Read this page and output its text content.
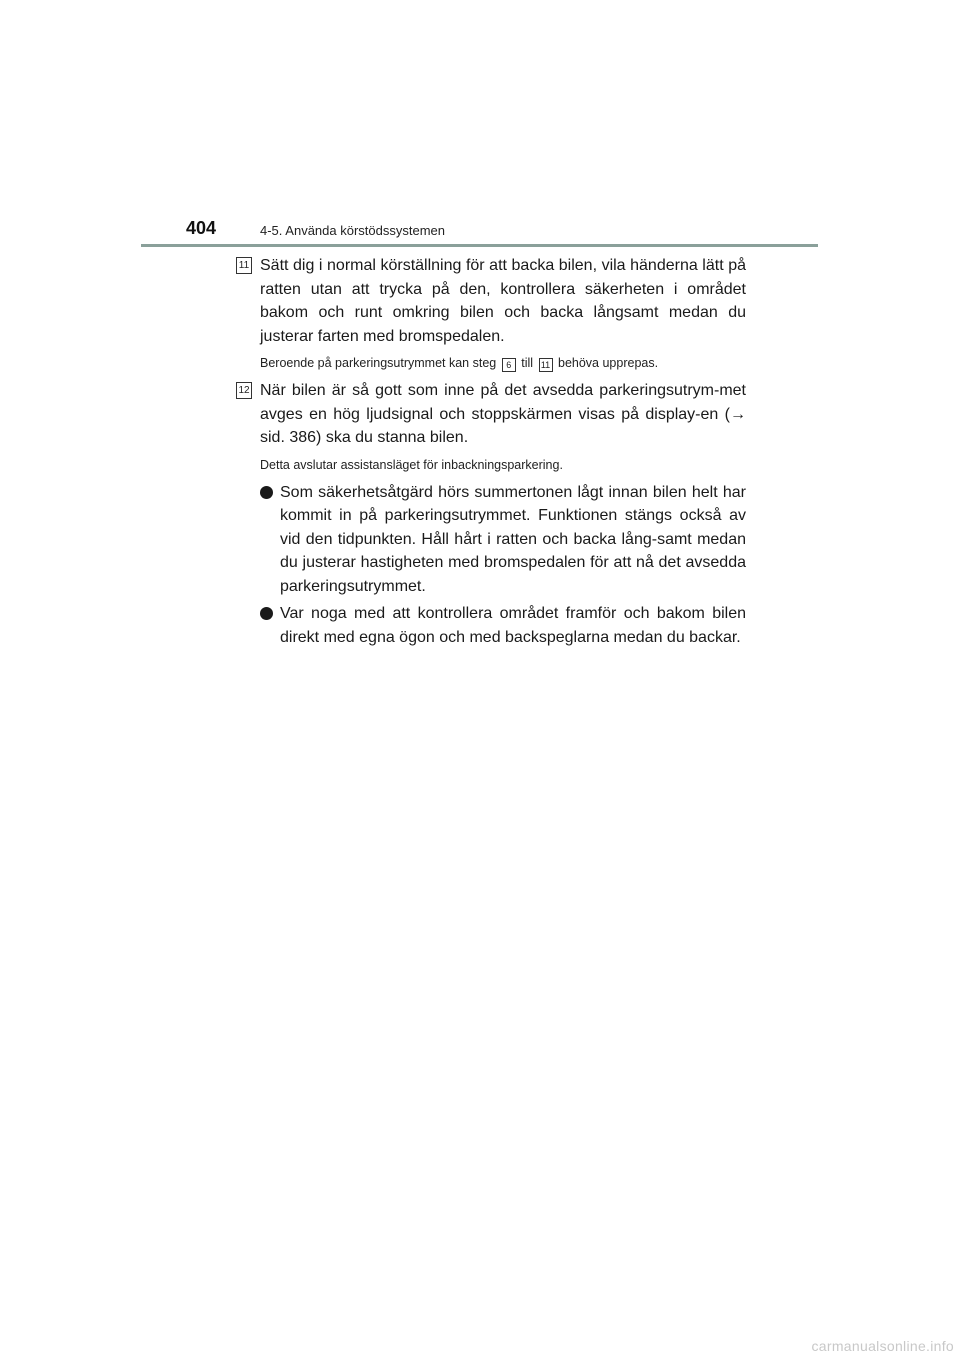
404	4-5. Använda körstödssystemen
11 Sätt dig i normal körställning för att backa bilen, vila händerna lätt på ratten utan att trycka på den, kontrollera säkerheten i området bakom och runt omkring bilen och backa långsamt medan du justerar farten med bromspedalen.

Beroende på parkeringsutrymmet kan steg 6 till 11 behöva upprepas.

12 När bilen är så gott som inne på det avsedda parkeringsutrym-met avges en hög ljudsignal och stoppskärmen visas på display-en (→ sid. 386) ska du stanna bilen.

Detta avslutar assistansläget för inbackningsparkering.

Som säkerhetsåtgärd hörs summertonen lågt innan bilen helt har kommit in på parkeringsutrymmet. Funktionen stängs också av vid den tidpunkten. Håll hårt i ratten och backa lång-samt medan du justerar hastigheten med bromspedalen för att nå det avsedda parkeringsutrymmet.

Var noga med att kontrollera området framför och bakom bilen direkt med egna ögon och med backspeglarna medan du backar.

carmanualsonline.info
